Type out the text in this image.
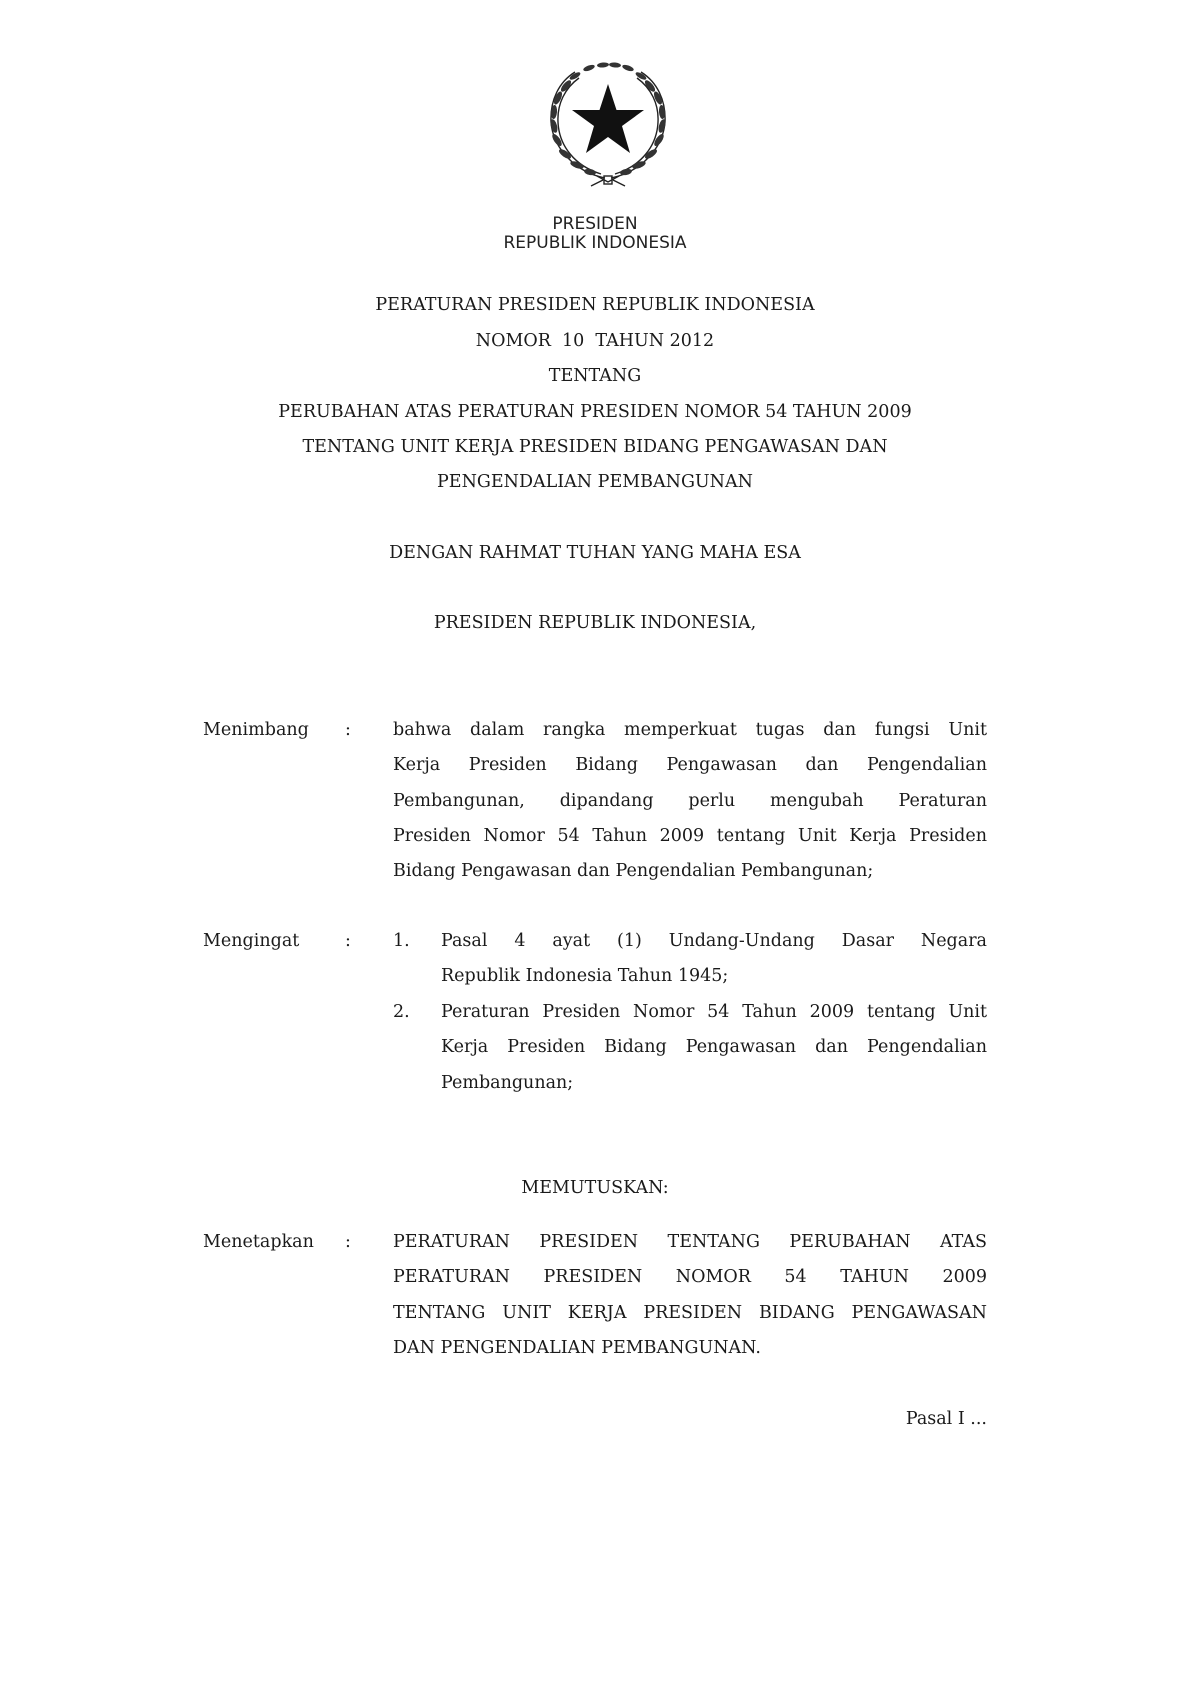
PRESIDEN
REPUBLIK INDONESIA
PERATURAN PRESIDEN REPUBLIK INDONESIA
NOMOR  10  TAHUN 2012
TENTANG
PERUBAHAN ATAS PERATURAN PRESIDEN NOMOR 54 TAHUN 2009
TENTANG UNIT KERJA PRESIDEN BIDANG PENGAWASAN DAN
PENGENDALIAN PEMBANGUNAN
DENGAN RAHMAT TUHAN YANG MAHA ESA
PRESIDEN REPUBLIK INDONESIA,
Menimbang : bahwa dalam rangka memperkuat tugas dan fungsi Unit
Kerja Presiden Bidang Pengawasan dan Pengendalian
Pembangunan, dipandang perlu mengubah Peraturan
Presiden Nomor 54 Tahun 2009 tentang Unit Kerja Presiden
Bidang Pengawasan dan Pengendalian Pembangunan;
Mengingat	: 1. Pasal 4 ayat (1) Undang-Undang Dasar Negara
Republik Indonesia Tahun 1945;
2. Peraturan Presiden Nomor 54 Tahun 2009 tentang Unit
Kerja Presiden Bidang Pengawasan dan Pengendalian
Pembangunan;
MEMUTUSKAN:
Menetapkan : PERATURAN PRESIDEN TENTANG PERUBAHAN ATAS
PERATURAN PRESIDEN NOMOR 54 TAHUN 2009
TENTANG UNIT KERJA PRESIDEN BIDANG PENGAWASAN
DAN PENGENDALIAN PEMBANGUNAN.
Pasal I ...
